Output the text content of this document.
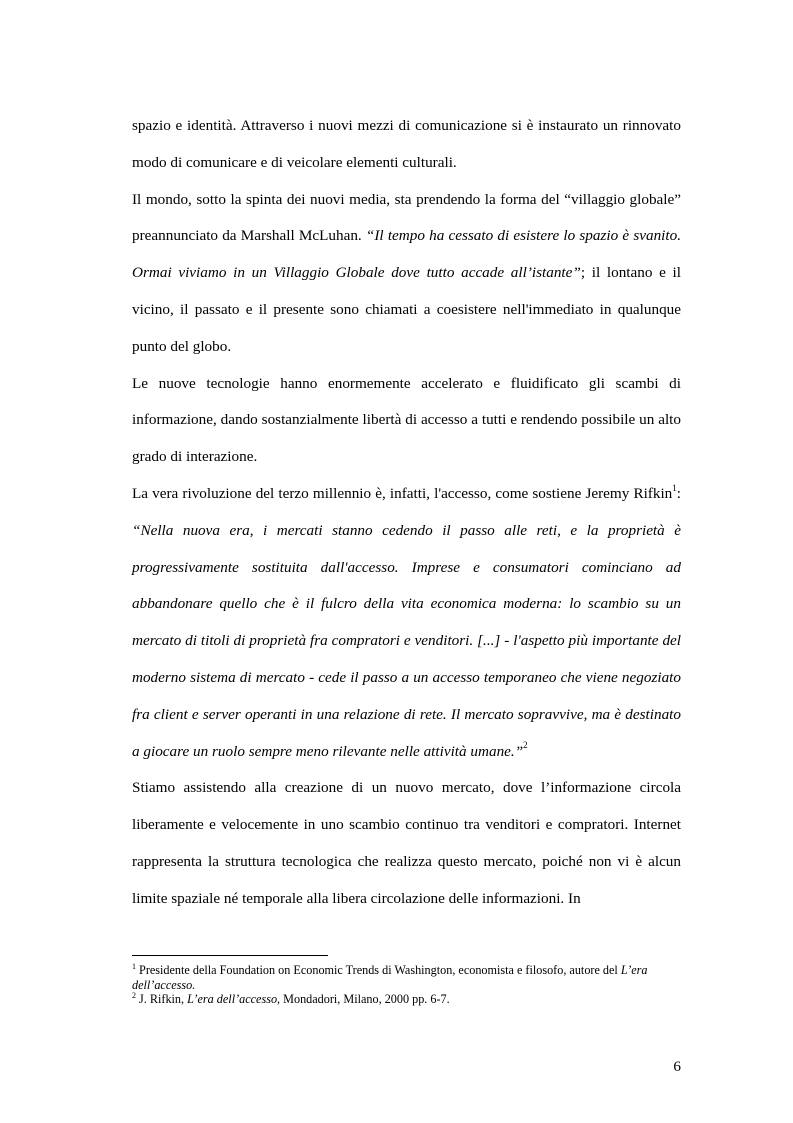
spazio e identità. Attraverso i nuovi mezzi di comunicazione si è instaurato un rinnovato modo di comunicare e di veicolare elementi culturali.

Il mondo, sotto la spinta dei nuovi media, sta prendendo la forma del “villaggio globale” preannunciato da Marshall McLuhan. “Il tempo ha cessato di esistere lo spazio è svanito. Ormai viviamo in un Villaggio Globale dove tutto accade all’istante”; il lontano e il vicino, il passato e il presente sono chiamati a coesistere nell'immediato in qualunque punto del globo.

Le nuove tecnologie hanno enormemente accelerato e fluidificato gli scambi di informazione, dando sostanzialmente libertà di accesso a tutti e rendendo possibile un alto grado di interazione.

La vera rivoluzione del terzo millennio è, infatti, l'accesso, come sostiene Jeremy Rifkin$^1$: “Nella nuova era, i mercati stanno cedendo il passo alle reti, e la proprietà è progressivamente sostituita dall'accesso. Imprese e consumatori cominciano ad abbandonare quello che è il fulcro della vita economica moderna: lo scambio su un mercato di titoli di proprietà fra compratori e venditori. [...] - l'aspetto più importante del moderno sistema di mercato - cede il passo a un accesso temporaneo che viene negoziato fra client e server operanti in una relazione di rete. Il mercato sopravvive, ma è destinato a giocare un ruolo sempre meno rilevante nelle attività umane.”$^2$

Stiamo assistendo alla creazione di un nuovo mercato, dove l’informazione circola liberamente e velocemente in uno scambio continuo tra venditori e compratori. Internet rappresenta la struttura tecnologica che realizza questo mercato, poiché non vi è alcun limite spaziale né temporale alla libera circolazione delle informazioni. In

$^1$ Presidente della Foundation on Economic Trends di Washington, economista e filosofo, autore del L’era dell’accesso.

$^2$ J. Rifkin, L’era dell’accesso, Mondadori, Milano, 2000 pp. 6-7.

6
